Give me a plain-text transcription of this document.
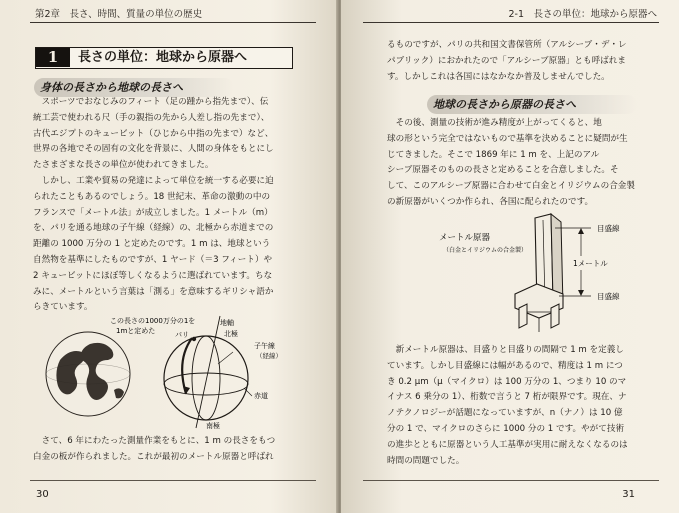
第2章　長さ、時間、質量の単位の歴史
1	長さの単位：地球から原器へ
身体の長さから地球の長さへ
　スポーツでおなじみのフィート（足の踵から指先まで）、伝
統工芸で使われる尺（手の親指の先から人差し指の先まで）、
古代エジプトのキュービット（ひじから中指の先まで）など、
世界の各地でその固有の文化を背景に、人間の身体をもとにし
たさまざまな長さの単位が使われてきました。
　しかし、工業や貿易の発達によって単位を統一する必要に迫
られたこともあるのでしょう。18 世紀末、革命の激動の中の
フランスで「メートル法」が成立しました。1 メートル（m）
を、パリを通る地球の子午線（経線）の、北極から赤道までの
距離の 1000 万分の 1 と定めたのです。1 m は、地球という
自然物を基準にしたものですが、1 ヤード（＝3 フィート）や
2 キュービットにほぼ等しくなるように選ばれています。ちな
みに、メートルという言葉は「測る」を意味するギリシャ語か
らきています。
この長さの1000万分の1を
1mと定めた	パリ
地軸
北極
子午線
（経線）
赤道
南極
　さて、6 年にわたった測量作業をもとに、1 m の長さをもつ
白金の板が作られました。これが最初のメートル原器と呼ばれ
30
2-1　長さの単位：地球から原器へ
るものですが、パリの共和国文書保管所（アルシーブ・デ・レ
パブリック）におかれたので「アルシーブ原器」とも呼ばれま
す。しかしこれは各国にはなかなか普及しませんでした。
地球の長さから原器の長さへ
　その後、測量の技術が進み精度が上がってくると、地
球の形という完全ではないもので基準を決めることに疑問が生
じてきました。そこで 1869 年に 1 m を、上記のアル
シーブ原器そのものの長さと定めることを合意しました。そ
して、このアルシーブ原器に合わせて白金とイリジウムの合金製
の新原器がいくつか作られ、各国に配られたのです。
メートル原器
（白金とイリジウムの合金製）
目盛線
1メートル
目盛線
　新メートル原器は、目盛りと目盛りの間隔で 1 m を定義し
ています。しかし目盛線には幅があるので、精度は 1 m につ
き 0.2 μm（μ（マイクロ）は 100 万分の 1、つまり 10 のマ
イナス 6 乗分の 1）、桁数で言うと 7 桁が限界です。現在、ナ
ノテクノロジーが話題になっていますが、n（ナノ）は 10 億
分の 1 で、マイクロのさらに 1000 分の 1 です。やがて技術
の進歩とともに原器という人工基準が実用に耐えなくなるのは
時間の問題でした。
31
